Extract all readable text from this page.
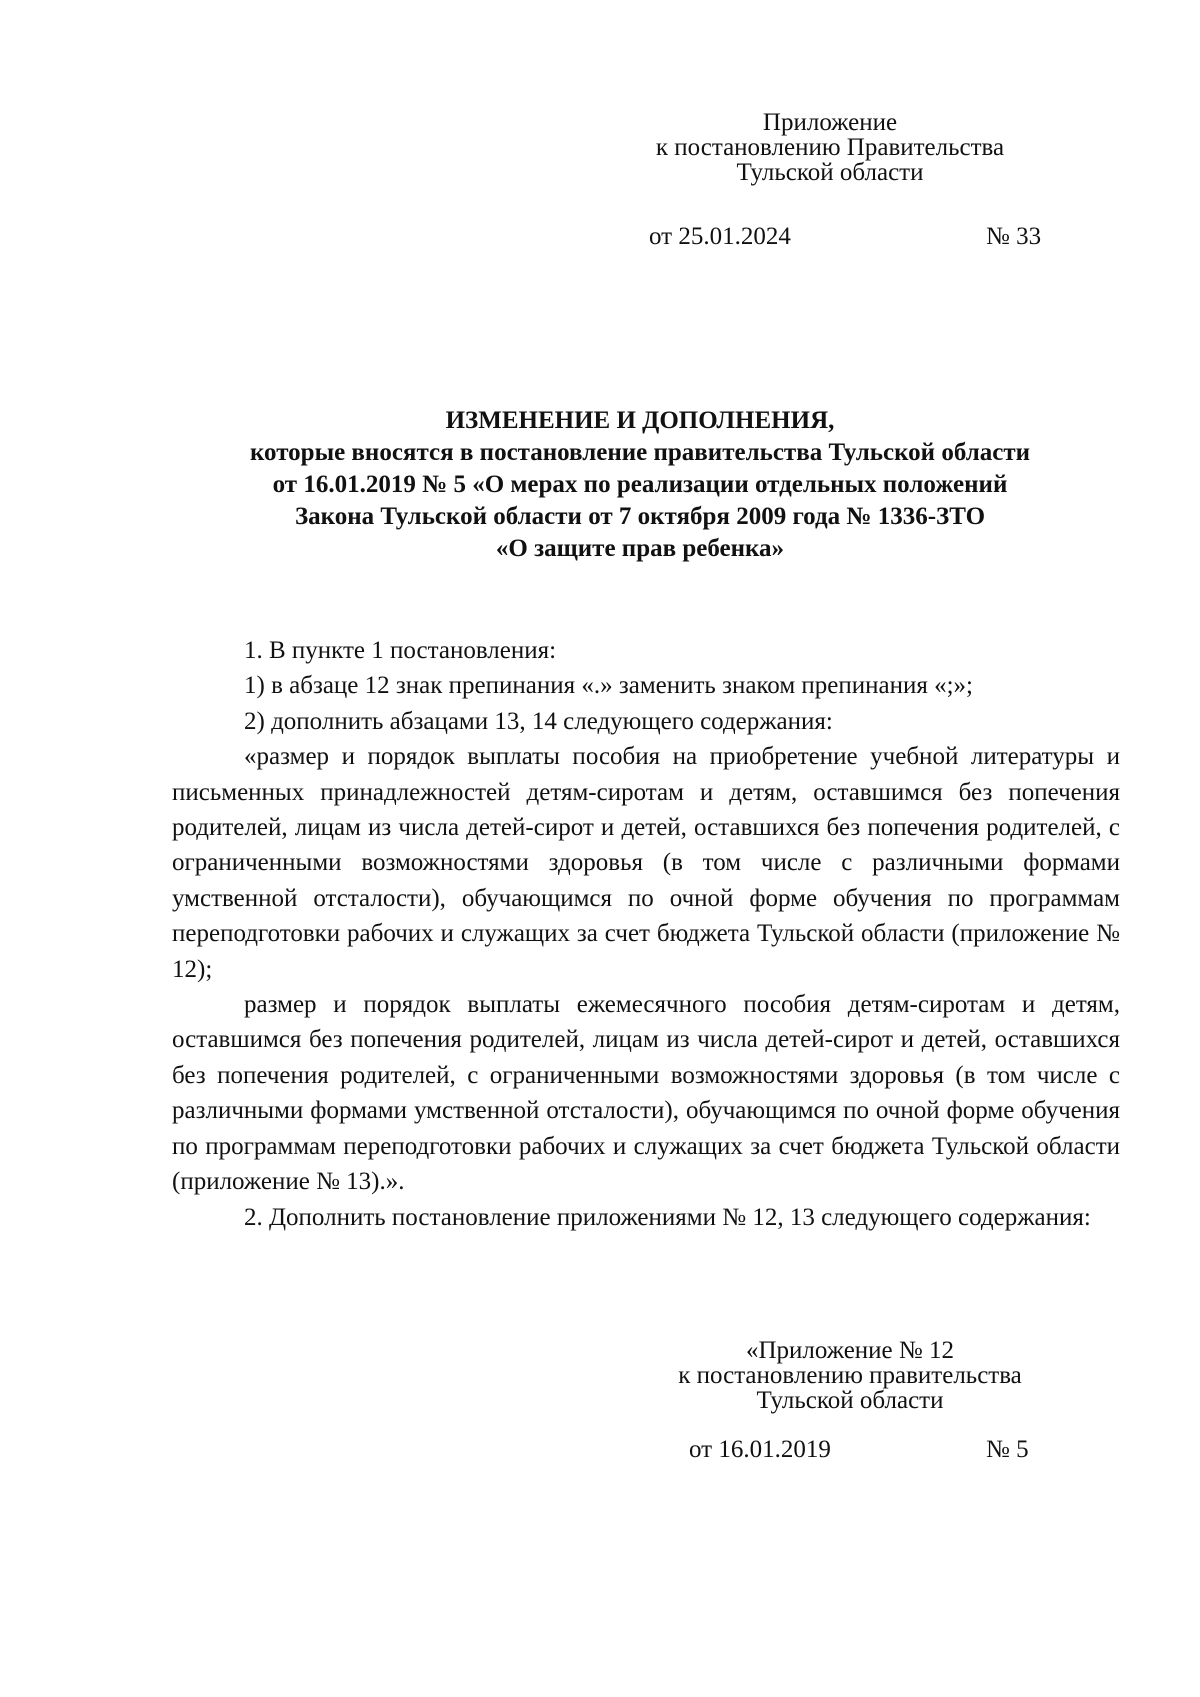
Приложение
к постановлению Правительства
Тульской области
от 25.01.2024	№ 33
ИЗМЕНЕНИЕ И ДОПОЛНЕНИЯ,
которые вносятся в постановление правительства Тульской области
от 16.01.2019 № 5 «О мерах по реализации отдельных положений
Закона Тульской области от 7 октября 2009 года № 1336-ЗТО
«О защите прав ребенка»

1. В пункте 1 постановления:

1) в абзаце 12 знак препинания «.» заменить знаком препинания «;»;

2) дополнить абзацами 13, 14 следующего содержания:

«размер и порядок выплаты пособия на приобретение учебной литературы и письменных принадлежностей детям-сиротам и детям, оставшимся без попечения родителей, лицам из числа детей-сирот и детей, оставшихся без попечения родителей, с ограниченными возможностями здоровья (в том числе с различными формами умственной отсталости), обучающимся по очной форме обучения по программам переподготовки рабочих и служащих за счет бюджета Тульской области (приложение № 12);

размер и порядок выплаты ежемесячного пособия детям-сиротам и детям, оставшимся без попечения родителей, лицам из числа детей-сирот и детей, оставшихся без попечения родителей, с ограниченными возможностями здоровья (в том числе с различными формами умственной отсталости), обучающимся по очной форме обучения по программам переподготовки рабочих и служащих за счет бюджета Тульской области (приложение № 13).».

2. Дополнить постановление приложениями № 12, 13 следующего содержания:

«Приложение № 12
к постановлению правительства
Тульской области
от 16.01.2019	№ 5
